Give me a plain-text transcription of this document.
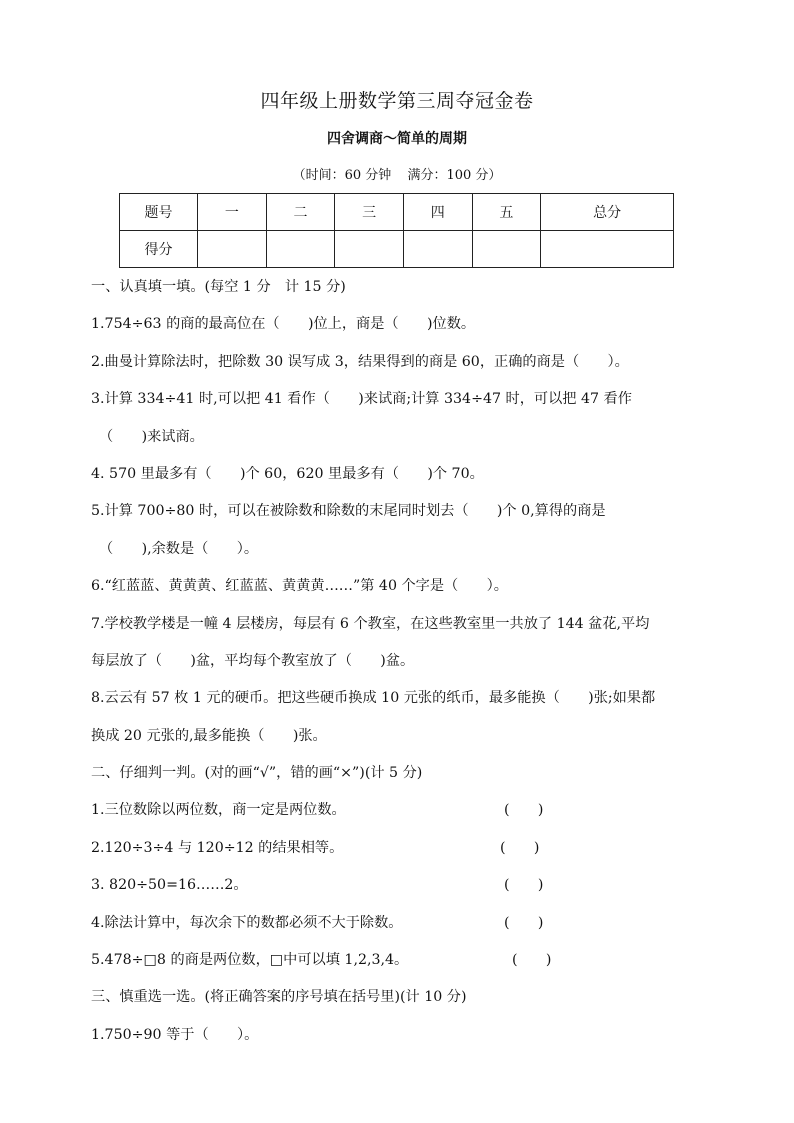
四年级上册数学第三周夺冠金卷
四舍调商～简单的周期
（时间：60 分钟 满分：100 分）
题号	一	二	三	四	五	总分
得分						
一、认真填一填。(每空 1 分　计 15 分)
1.754÷63 的商的最高位在（　　)位上，商是（　　)位数。
2.曲曼计算除法时，把除数 30 误写成 3，结果得到的商是 60，正确的商是（　　）。
3.计算 334÷41 时,可以把 41 看作（　　)来试商;计算 334÷47 时，可以把 47 看作
（　　)来试商。
4. 570 里最多有（　　)个 60，620 里最多有（　　)个 70。
5.计算 700÷80 时，可以在被除数和除数的末尾同时划去（　　)个 0,算得的商是
（　　),余数是（　　）。
6.“红蓝蓝、黄黄黄、红蓝蓝、黄黄黄……”第 40 个字是（　　）。
7.学校教学楼是一幢 4 层楼房，每层有 6 个教室，在这些教室里一共放了 144 盆花,平均
每层放了（　　)盆，平均每个教室放了（　　)盆。
8.云云有 57 枚 1 元的硬币。把这些硬币换成 10 元张的纸币，最多能换（　　)张;如果都
换成 20 元张的,最多能换（　　)张。
二、仔细判一判。(对的画“√”，错的画“×”)(计 5 分)
1.三位数除以两位数，商一定是两位数。	(　　)
2.120÷3÷4 与 120÷12 的结果相等。	(　　)
3. 820÷50=16……2。	(　　)
4.除法计算中，每次余下的数都必须不大于除数。	(　　)
5.478÷□8 的商是两位数，□中可以填 1,2,3,4。	(　　)
三、慎重选一选。(将正确答案的序号填在括号里)(计 10 分)
1.750÷90 等于（　　）。
